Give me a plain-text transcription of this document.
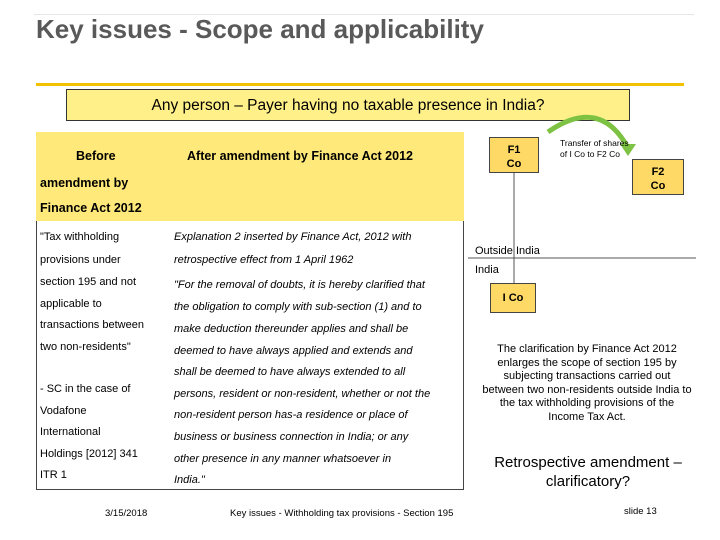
Key issues - Scope and applicability
Any person – Payer having no taxable presence in India?
Before
amendment by
Finance Act 2012
After amendment by Finance Act 2012
"Tax withholding
provisions under
section 195 and not
applicable to
transactions between
two non-residents"
- SC in the case of
Vodafone
International
Holdings [2012] 341
ITR 1
Explanation 2 inserted by Finance Act, 2012 with
retrospective effect from 1 April 1962
"For the removal of doubts, it is hereby clarified that
the obligation to comply with sub-section (1) and to
make deduction thereunder applies and shall be
deemed to have always applied and extends and
shall be deemed to have always extended to all
persons, resident or non-resident, whether or not the
non-resident person has-a residence or place of
business or business connection in India; or any
other presence in any manner whatsoever in
India."
F1
Co
F2
Co
I Co
Transfer of shares
of I Co to F2 Co
Outside India
India
The clarification by Finance Act 2012 enlarges the scope of section 195 by subjecting transactions carried out between two non-residents outside India to the tax withholding provisions of the Income Tax Act.
Retrospective amendment – clarificatory?
3/15/2018	Key issues - Withholding tax provisions - Section 195	slide 13
